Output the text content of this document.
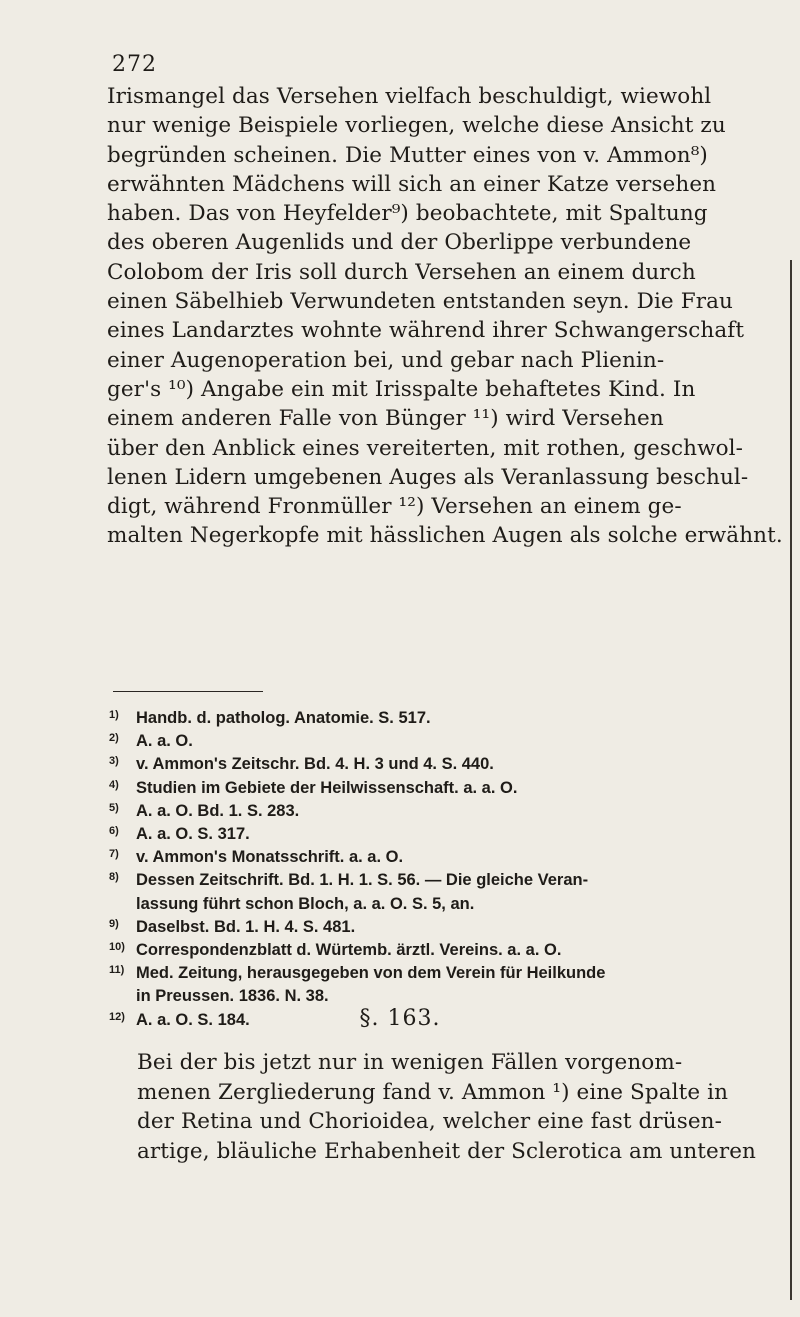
272
Irismangel das Versehen vielfach beschuldigt, wiewohl
nur wenige Beispiele vorliegen, welche diese Ansicht zu
begründen scheinen. Die Mutter eines von v. Ammon⁸)
erwähnten Mädchens will sich an einer Katze versehen
haben. Das von Heyfelder⁹) beobachtete, mit Spaltung
des oberen Augenlids und der Oberlippe verbundene
Colobom der Iris soll durch Versehen an einem durch
einen Säbelhieb Verwundeten entstanden seyn. Die Frau
eines Landarztes wohnte während ihrer Schwangerschaft
einer Augenoperation bei, und gebar nach Plienin-
ger's ¹⁰) Angabe ein mit Irisspalte behaftetes Kind. In
einem anderen Falle von Bünger ¹¹) wird Versehen
über den Anblick eines vereiterten, mit rothen, geschwol-
lenen Lidern umgebenen Auges als Veranlassung beschul-
digt, während Fronmüller ¹²) Versehen an einem ge-
malten Negerkopfe mit hässlichen Augen als solche erwähnt.
1) Handb. d. patholog. Anatomie. S. 517.
2) A. a. O.
3) v. Ammon's Zeitschr. Bd. 4. H. 3 und 4. S. 440.
4) Studien im Gebiete der Heilwissenschaft. a. a. O.
5) A. a. O. Bd. 1. S. 283.
6) A. a. O. S. 317.
7) v. Ammon's Monatsschrift. a. a. O.
8) Dessen Zeitschrift. Bd. 1. H. 1. S. 56. — Die gleiche Veran-
lassung führt schon Bloch, a. a. O. S. 5, an.
9) Daselbst. Bd. 1. H. 4. S. 481.
10) Correspondenzblatt d. Würtemb. ärztl. Vereins. a. a. O.
11) Med. Zeitung, herausgegeben von dem Verein für Heilkunde
in Preussen. 1836. N. 38.
12) A. a. O. S. 184.	§. 163.
Bei der bis jetzt nur in wenigen Fällen vorgenom-
menen Zergliederung fand v. Ammon ¹) eine Spalte in
der Retina und Chorioidea, welcher eine fast drüsen-
artige, bläuliche Erhabenheit der Sclerotica am unteren
